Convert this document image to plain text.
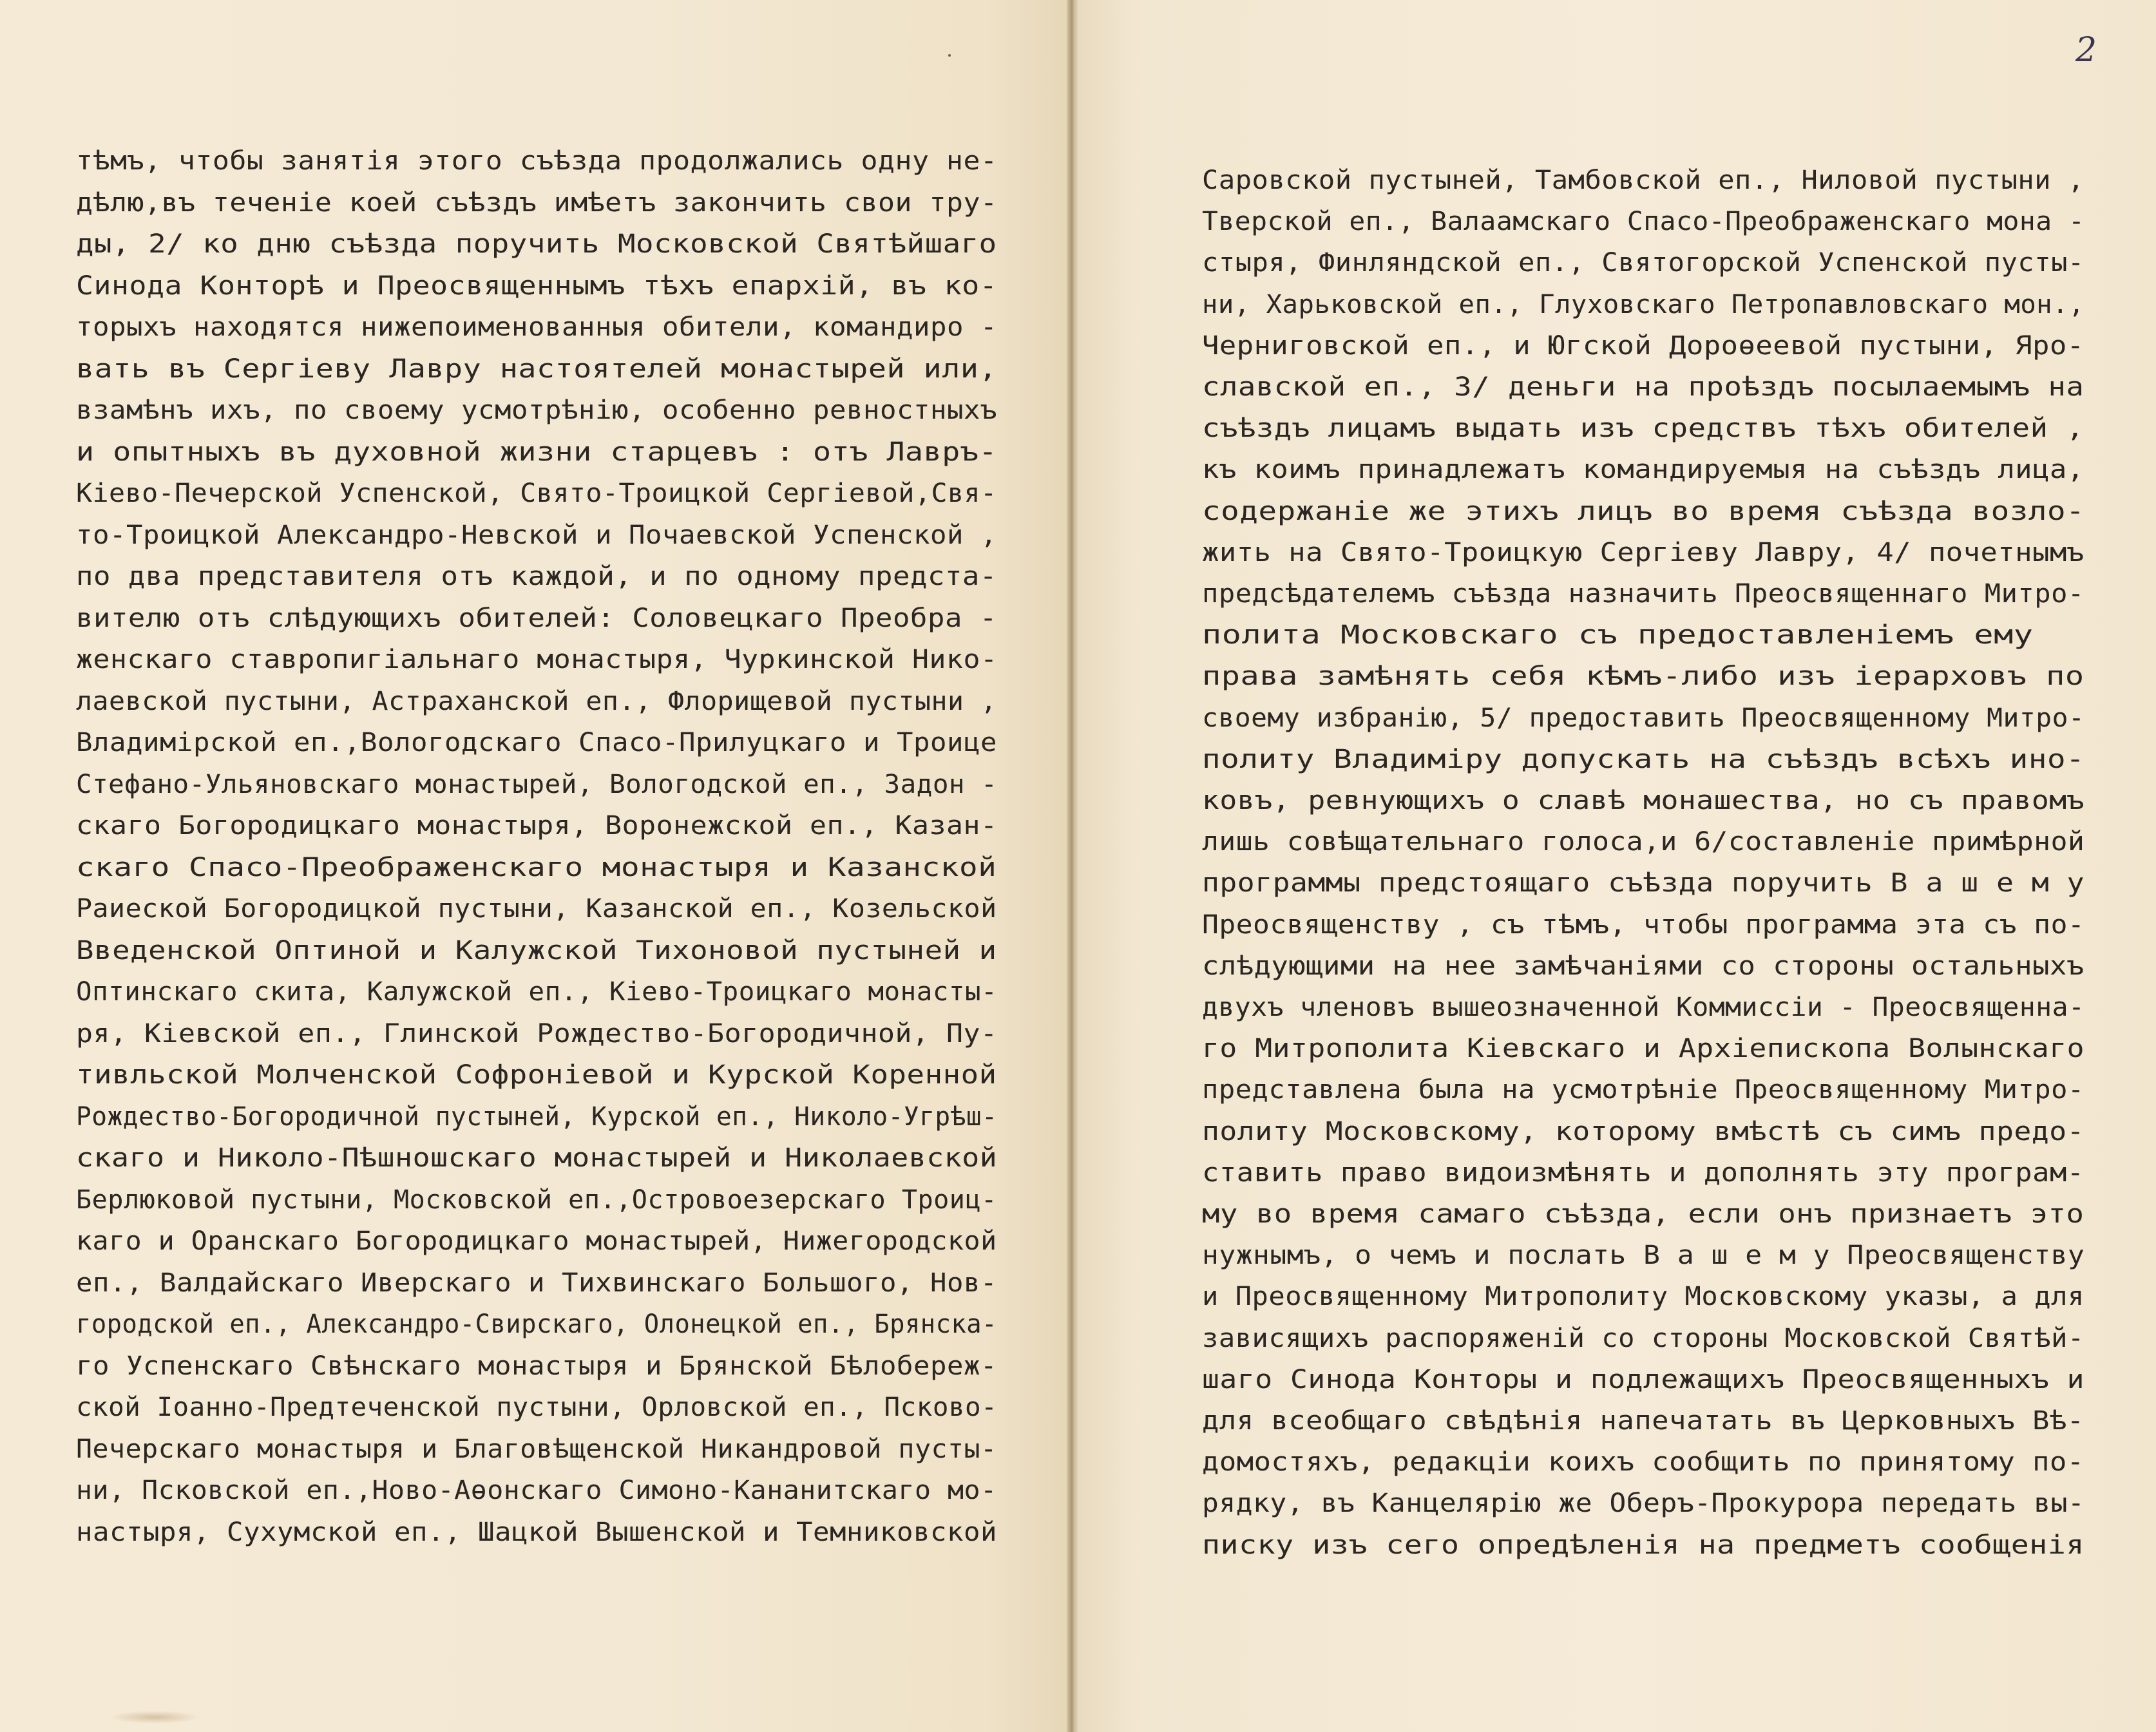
2
тѣмъ, чтобы занятія этого съѣзда продолжались одну не-
дѣлю,въ теченіе коей съѣздъ имѣетъ закончить свои тру-
ды, 2/ ко дню съѣзда поручить Московской Святѣйшаго
Синода Конторѣ и Преосвященнымъ тѣхъ епархій, въ ко-
торыхъ находятся нижепоименованныя обители, командиро -
вать въ Сергіеву Лавру настоятелей монастырей или,
взамѣнъ ихъ, по своему усмотрѣнію, особенно ревностныхъ
и опытныхъ въ духовной жизни старцевъ : отъ Лавръ-
Кіево-Печерской Успенской, Свято-Троицкой Сергіевой,Свя-
то-Троицкой Александро-Невской и Почаевской Успенской ,
по два представителя отъ каждой, и по одному предста-
вителю отъ слѣдующихъ обителей: Соловецкаго Преобра -
женскаго ставропигіальнаго монастыря, Чуркинской Нико-
лаевской пустыни, Астраханской еп., Флорищевой пустыни ,
Владимірской еп.,Вологодскаго Спасо-Прилуцкаго и Троице
Стефано-Ульяновскаго монастырей, Вологодской еп., Задон -
скаго Богородицкаго монастыря, Воронежской еп., Казан-
скаго Спасо-Преображенскаго монастыря и Казанской
Раиеской Богородицкой пустыни, Казанской еп., Козельской
Введенской Оптиной и Калужской Тихоновой пустыней и
Оптинскаго скита, Калужской еп., Кіево-Троицкаго монасты-
ря, Кіевской еп., Глинской Рождество-Богородичной, Пу-
тивльской Молченской Софроніевой и Курской Коренной
Рождество-Богородичной пустыней, Курской еп., Николо-Угрѣш-
скаго и Николо-Пѣшношскаго монастырей и Николаевской
Берлюковой пустыни, Московской еп.,Островоезерскаго Троиц-
каго и Оранскаго Богородицкаго монастырей, Нижегородской
еп., Валдайскаго Иверскаго и Тихвинскаго Большого, Нов-
городской еп., Александро-Свирскаго, Олонецкой еп., Брянска-
го Успенскаго Свѣнскаго монастыря и Брянской Бѣлобереж-
ской Іоанно-Предтеченской пустыни, Орловской еп., Псково-
Печерскаго монастыря и Благовѣщенской Никандровой пусты-
ни, Псковской еп.,Ново-Аѳонскаго Симоно-Кананитскаго мо-
настыря, Сухумской еп., Шацкой Вышенской и Темниковской
Саровской пустыней, Тамбовской еп., Ниловой пустыни ,
Тверской еп., Валаамскаго Спасо-Преображенскаго мона -
стыря, Финляндской еп., Святогорской Успенской пусты-
ни, Харьковской еп., Глуховскаго Петропавловскаго мон.,
Черниговской еп., и Югской Дороѳеевой пустыни, Яро-
славской еп., 3/ деньги на проѣздъ посылаемымъ на
съѣздъ лицамъ выдать изъ средствъ тѣхъ обителей ,
къ коимъ принадлежатъ командируемыя на съѣздъ лица,
содержаніе же этихъ лицъ во время съѣзда возло-
жить на Свято-Троицкую Сергіеву Лавру, 4/ почетнымъ
предсѣдателемъ съѣзда назначить Преосвященнаго Митро-
полита Московскаго съ предоставленіемъ ему
права замѣнять себя кѣмъ-либо изъ іерарховъ по
своему избранію, 5/ предоставить Преосвященному Митро-
политу Владиміру допускать на съѣздъ всѣхъ ино-
ковъ, ревнующихъ о славѣ монашества, но съ правомъ
лишь совѣщательнаго голоса,и 6/составленіе примѣрной
программы предстоящаго съѣзда поручить В а ш е м у
Преосвященству , съ тѣмъ, чтобы программа эта съ по-
слѣдующими на нее замѣчаніями со стороны остальныхъ
двухъ членовъ вышеозначенной Коммиссіи - Преосвященна-
го Митрополита Кіевскаго и Архіепископа Волынскаго
представлена была на усмотрѣніе Преосвященному Митро-
политу Московскому, которому вмѣстѣ съ симъ предо-
ставить право видоизмѣнять и дополнять эту програм-
му во время самаго съѣзда, если онъ признаетъ это
нужнымъ, о чемъ и послать В а ш е м у Преосвященству
и Преосвященному Митрополиту Московскому указы, а для
зависящихъ распоряженій со стороны Московской Святѣй-
шаго Синода Конторы и подлежащихъ Преосвященныхъ и
для всеобщаго свѣдѣнія напечатать въ Церковныхъ Вѣ-
домостяхъ, редакціи коихъ сообщить по принятому по-
рядку, въ Канцелярію же Оберъ-Прокурора передать вы-
писку изъ сего опредѣленія на предметъ сообщенія
